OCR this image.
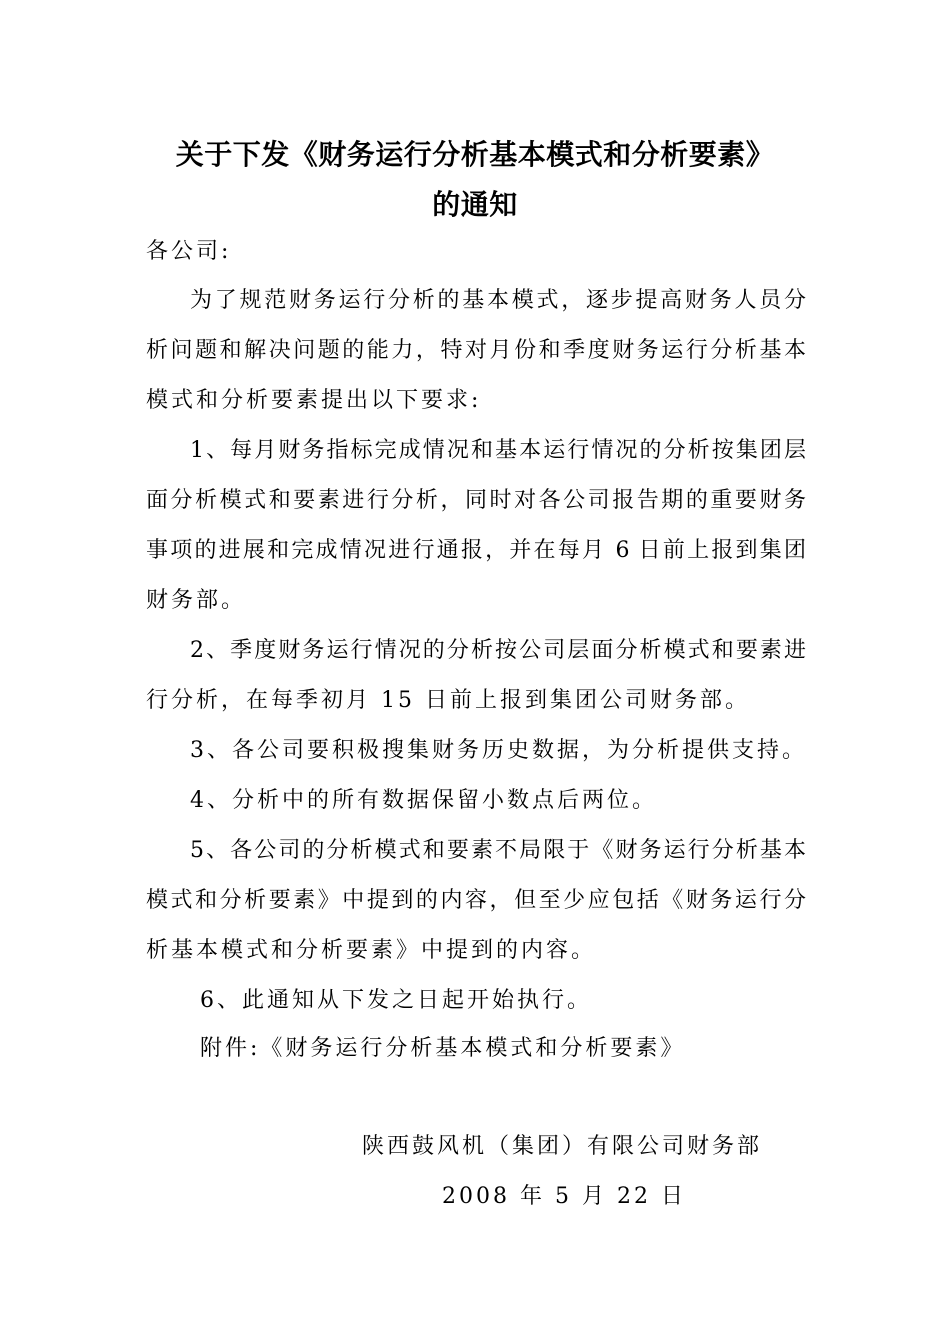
关于下发《财务运行分析基本模式和分析要素》
的通知
各公司:
为了规范财务运行分析的基本模式，逐步提高财务人员分
析问题和解决问题的能力，特对月份和季度财务运行分析基本
模式和分析要素提出以下要求:
1、每月财务指标完成情况和基本运行情况的分析按集团层
面分析模式和要素进行分析，同时对各公司报告期的重要财务
事项的进展和完成情况进行通报，并在每月 6 日前上报到集团
财务部。
2、季度财务运行情况的分析按公司层面分析模式和要素进
行分析，在每季初月 15 日前上报到集团公司财务部。
3、各公司要积极搜集财务历史数据，为分析提供支持。
4、分析中的所有数据保留小数点后两位。
5、各公司的分析模式和要素不局限于《财务运行分析基本
模式和分析要素》中提到的内容，但至少应包括《财务运行分
析基本模式和分析要素》中提到的内容。
6、此通知从下发之日起开始执行。
附件:《财务运行分析基本模式和分析要素》
陕西鼓风机（集团）有限公司财务部
2008 年 5 月 22 日
